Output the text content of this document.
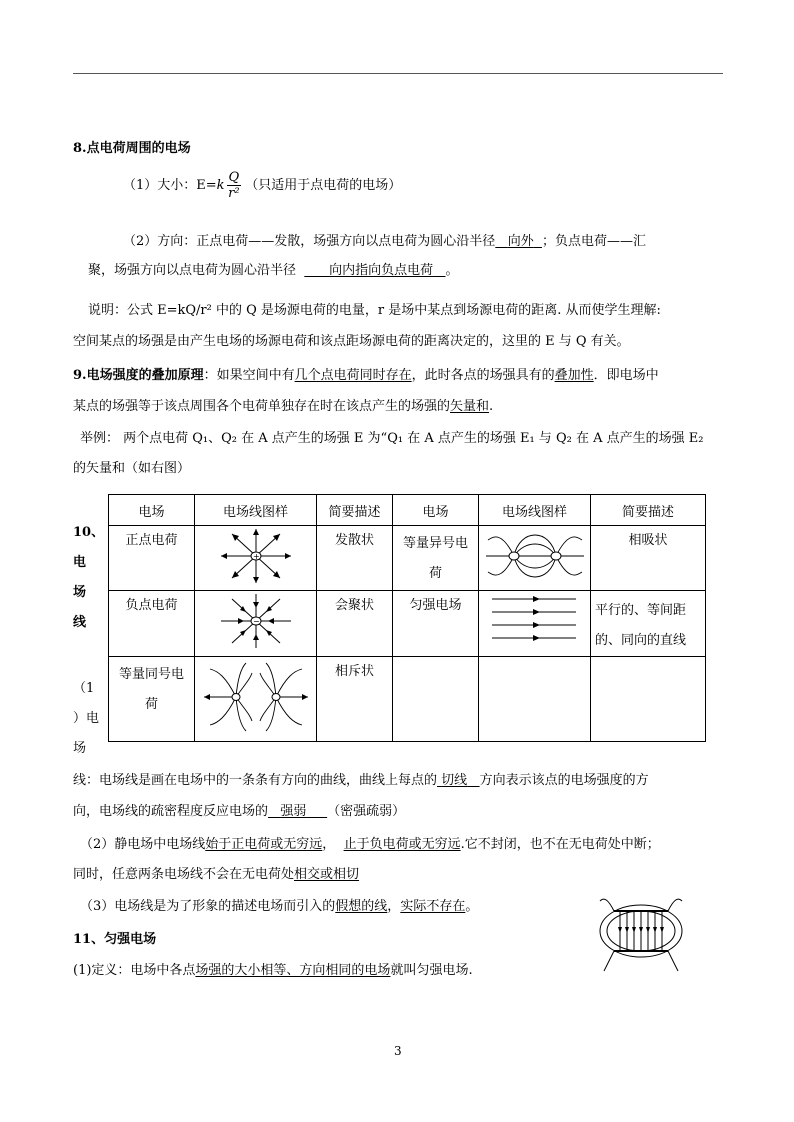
8.点电荷周围的电场
（1）大小：$E=k \frac{Q}{\text{r²}}$ （只适用于点电荷的电场）
（2）方向：正点电荷——发散，场强方向以点电荷为圆心沿半径 向外 ；负点电荷——汇
聚，场强方向以点电荷为圆心沿半径	向内指向负点电荷 。
说明：公式 E=kQ/r² 中的 Q 是场源电荷的电量，r 是场中某点到场源电荷的距离. 从而使学生理解:
空间某点的场强是由产生电场的场源电荷和该点距场源电荷的距离决定的，这里的 E 与 Q 有关。
9.电场强度的叠加原理：如果空间中有几个点电荷同时存在，此时各点的场强具有的叠加性．即电场中
某点的场强等于该点周围各个电荷单独存在时在该点产生的场强的矢量和.
举例： 两个点电荷 Q₁、Q₂ 在 A 点产生的场强 E 为“Q₁ 在 A 点产生的场强 E₁ 与 Q₂ 在 A 点产生的场强 E₂
的矢量和（如右图）
10、
电
场
线
（1
）电
场
电场	电场线图样	简要描述	电场	电场线图样	简要描述

正点电荷	+	发散状	等量异号电荷		相吸状

负点电荷	−	会聚状	匀强电场		平行的、等间距的、同向的直线

等量同号电荷		相斥状			

线：电场线是画在电场中的一条条有方向的曲线，曲线上每点的 切线 方向表示该点的电场强度的方
向，电场线的疏密程度反应电场的 强弱 （密强疏弱）
（2）静电场中电场线始于正电荷或无穷远， 止于负电荷或无穷远.它不封闭，也不在无电荷处中断；
同时，任意两条电场线不会在无电荷处相交或相切
（3）电场线是为了形象的描述电场而引入的假想的线，实际不存在。
11、匀强电场
(1)定义：电场中各点场强的大小相等、方向相同的电场就叫匀强电场.
3
